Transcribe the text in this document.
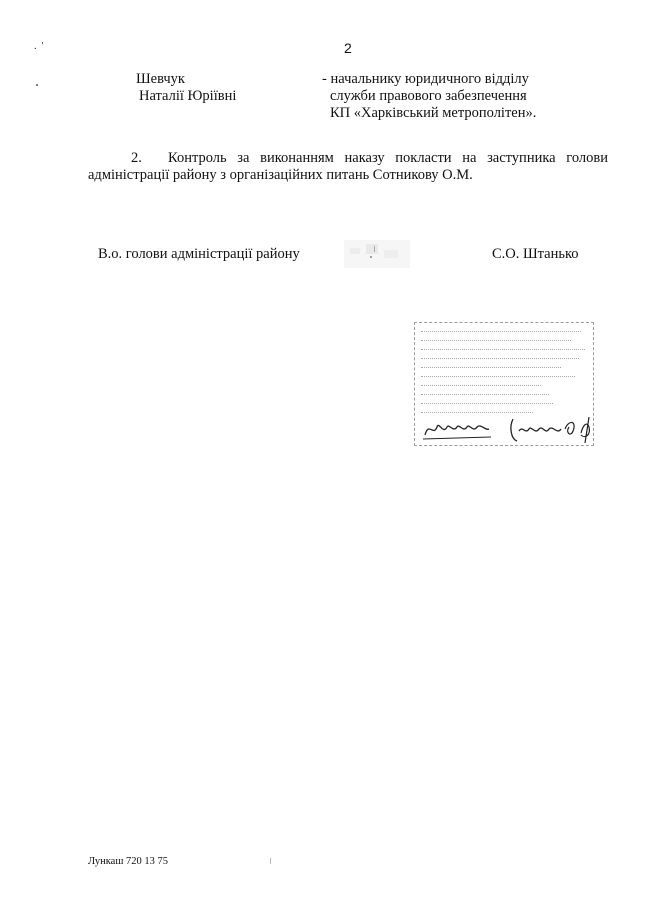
. '	2
Шевчук
Наталії Юріївні
- начальнику юридичного відділу
служби правового забезпечення
КП «Харківський метрополітен».
2. Контроль за виконанням наказу покласти на заступника голови адміністрації району з організаційних питань Сотникову О.М.
В.о. голови адміністрації району	С.О. Штанько
Лункаш 720 13 75
